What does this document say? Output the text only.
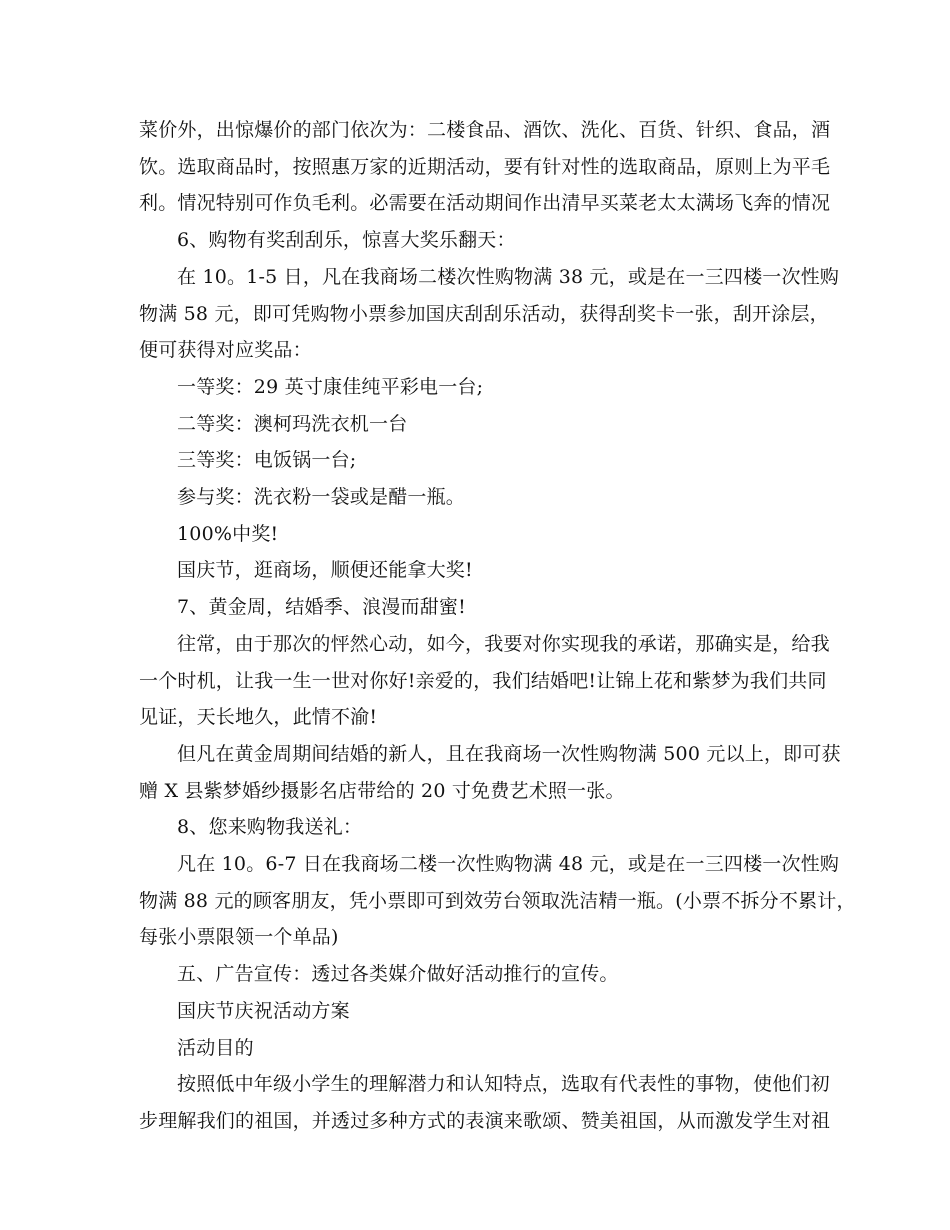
菜价外，出惊爆价的部门依次为：二楼食品、酒饮、洗化、百货、针织、食品，酒
饮。选取商品时，按照惠万家的近期活动，要有针对性的选取商品，原则上为平毛
利。情况特别可作负毛利。必需要在活动期间作出清早买菜老太太满场飞奔的情况
6、购物有奖刮刮乐，惊喜大奖乐翻天：
在 10。1-5 日，凡在我商场二楼次性购物满 38 元，或是在一三四楼一次性购
物满 58 元，即可凭购物小票参加国庆刮刮乐活动，获得刮奖卡一张，刮开涂层，
便可获得对应奖品：
一等奖：29 英寸康佳纯平彩电一台;
二等奖：澳柯玛洗衣机一台
三等奖：电饭锅一台;
参与奖：洗衣粉一袋或是醋一瓶。
100%中奖!
国庆节，逛商场，顺便还能拿大奖!
7、黄金周，结婚季、浪漫而甜蜜!
往常，由于那次的怦然心动，如今，我要对你实现我的承诺，那确实是，给我
一个时机，让我一生一世对你好!亲爱的，我们结婚吧!让锦上花和紫梦为我们共同
见证，天长地久，此情不渝!
但凡在黄金周期间结婚的新人，且在我商场一次性购物满 500 元以上，即可获
赠 X 县紫梦婚纱摄影名店带给的 20 寸免费艺术照一张。
8、您来购物我送礼：
凡在 10。6-7 日在我商场二楼一次性购物满 48 元，或是在一三四楼一次性购
物满 88 元的顾客朋友，凭小票即可到效劳台领取洗洁精一瓶。(小票不拆分不累计，
每张小票限领一个单品)
五、广告宣传：透过各类媒介做好活动推行的宣传。
国庆节庆祝活动方案
活动目的
按照低中年级小学生的理解潜力和认知特点，选取有代表性的事物，使他们初
步理解我们的祖国，并透过多种方式的表演来歌颂、赞美祖国，从而激发学生对祖
